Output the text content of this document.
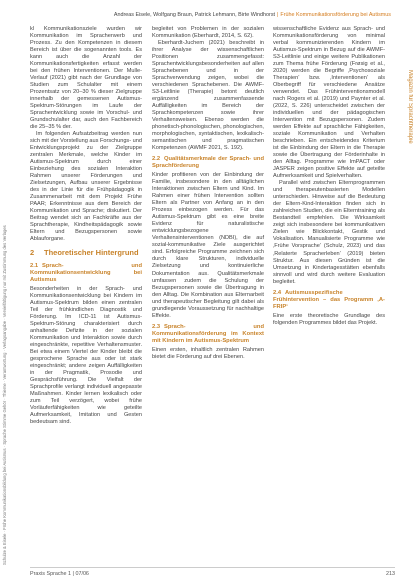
Schulze & Eisele · Frühe Kommunikationsbildung bei Autismus · Sprache Stimme Gehör · Thieme · Verantwortung · Verlagsangabe · Vervielfältigung nur mit Zustimmung des Verlages
Andreas Eisele, Wolfgang Braun, Patrick Lehmann, Birte Windhorst | Frühe Kommunikationsförderung bei Autismus
Magazin für Sprachtherapie

kl Kommunikationsziele wurden wir Kommunikation im Spracherwerb und Prozess. Zu den Kompetenzen in diesem Bereich ist über die sogenannten tools. Es kann auch die Anzahl der Kommunikationsfertigkeiten erfasst werden bei den frühen Interventionen. Der Mulle-Verlauf (2021) gibt nach der Grundlage von Studien zum Schulalter mit einem Prozentsatz von 20–30 % dieser Zielgruppe innerhalb der gemessenen Autismus-Spektrum-Störungen im Laufe der Sprachentwicklung sowie im Vorschul- und Grundschulalter dar, auch den Fachbereich die 25–35 % der.

Im folgenden Aufsatzbeitrag werden nun sich mit der Vorstellung aus Forschungs- und Entwicklungsprojekt zu der Zielgruppe zentralen Merkmale, welche Kinder im Autismus-Spektrum durch einer Einbeziehung des sozialen Interaktion Rahmen unserer Förderungen und Zielsetzungen, Aufbau unserer Ergebnisse des in der Linie für die Frühpädagogik in Zusammenarbeit mit dem Projekt Frühe PAAR; Erkenntnisse aus dem Bereich der Kommunikation und Sprache; diskutiert. Der Beitrag wendet sich an Fachkräfte aus der Sprachtherapie, Kindheitspädagogik sowie Eltern und Bezugspersonen sowie Ablauforgane.

2 Theoretischer Hintergrund
2.1 Sprach- und Kommunikationsentwicklung bei Autismus

Besonderheiten in der Sprach- und Kommunikationsentwicklung bei Kindern im Autismus-Spektrum bilden einen zentralen Teil der frühkindlichen Diagnostik und Förderung. Im ICD-11 ist Autismus-Spektrum-Störung charakterisiert durch anhaltende Defizite in der sozialen Kommunikation und Interaktion sowie durch eingeschränkte, repetitive Verhaltensmuster. Bei etwa einem Viertel der Kinder bleibt die gesprochene Sprache aus oder ist stark eingeschränkt; andere zeigen Auffälligkeiten in der Pragmatik, Prosodie und Gesprächsführung. Die Vielfalt der Sprachprofile verlangt individuell angepasste Maßnahmen. Kinder lernen lexikalisch oder zum Teil verzögert, wobei frühe Vorläuferfähigkeiten wie geteilte Aufmerksamkeit, Imitation und Gesten bedeutsam sind.

begleitet von Problemen in der sozialen Kommunikation (Eberhardt, 2014, S. 62).

Eberhardt-Juchem (2021) beschreibt in ihrer Analyse der wissenschaftlichen Positionen zusammengefasst: Sprachentwicklungsbesonderheiten auf allen Sprachebenen und in der Sprachverwendung zeigen, wobei die verschiedenen Sprachebenen. Die AWMF-S3-Leitlinie (Therapie) betont deutlich ergänzend zusammenfassende Auffälligkeiten im Bereich der Sprachkompetenzen sowie ihrer Verhaltensweisen. Ebenso werden die phonetisch-phonologischen, phonologischen, morphologischen, syntaktischen, lexikalisch-semantischen und pragmatischen Kompetenzen (AWMF 2021, S. 192).

2.2 Qualitätsmerkmale der Sprach- und Sprachförderung

Kinder profitieren von der Einbindung der Familie, insbesondere in den alltäglichen Interaktionen zwischen Eltern und Kind. Im Rahmen einer frühen Intervention sollten Eltern als Partner von Anfang an in den Prozess einbezogen werden. Für das Autismus-Spektrum gibt es eine breite Evidenz für naturalistische entwicklungsbezogene Verhaltensinterventionen (NDBI), die auf sozial-kommunikative Ziele ausgerichtet sind. Erfolgreiche Programme zeichnen sich durch klare Strukturen, individuelle Zielsetzung und kontinuierliche Dokumentation aus. Qualitätsmerkmale umfassen zudem die Schulung der Bezugspersonen sowie die Übertragung in den Alltag. Die Kombination aus Elternarbeit und therapeutischer Begleitung gilt dabei als grundlegende Voraussetzung für nachhaltige Effekte.

2.3 Sprach- und Kommunikationsförderung im Kontext mit Kindern im Autismus-Spektrum

Einen ersten, inhaltlich zentralen Rahmen bietet die Förderung auf drei Ebenen.

wissenschaftliche Evidenz aus Sprach- und Kommunikationsförderung von minimal verbal kommunizierenden Kindern im Autismus-Spektrum in Bezug auf die AWMF-S3-Leitlinie und einige weitere Publikationen zum Thema frühe Förderung (Frøsig et al., 2020) werden die Begriffe ‚Psychosoziale Therapien‘ bzw. ‚Interventionen‘ als Oberbegriff für verschiedene Ansätze verwendet. Das Frühinterventionsmodell nach Rogers et al. (2019) und Paynter et al. (2022, S. 226) unterscheidet zwischen der individuellen und der pädagogischen Intervention mit Bezugspersonen. Zudem werden Effekte auf sprachliche Fähigkeiten, soziale Kommunikation und Verhalten beschrieben. Ein entscheidendes Kriterium ist die Einbindung der Eltern in die Therapie sowie die Übertragung der Förderinhalte in den Alltag. Programme wie ImPACT oder JASPER zeigen positive Effekte auf geteilte Aufmerksamkeit und Spielverhalten.

Parallel wird zwischen Elternprogrammen und therapeutenbasierten Modellen unterschieden. Hinweise auf die Bedeutung der Eltern-Kind-Interaktion finden sich in zahlreichen Studien, die ein Elterntraining als Bestandteil empfehlen. Die Wirksamkeit zeigt sich insbesondere bei kommunikativen Zielen wie Blickkontakt, Gestik und Vokalisation. Manualisierte Programme wie ‚Frühe Vorsprache‘ (Schulz, 2023) und das ‚Relaterte Spracherleben‘ (2019) bieten Struktur. Aus diesen Gründen ist die Umsetzung in Kindertagesstätten ebenfalls sinnvoll und wird durch weitere Evaluation begleitet.

2.4 Autismusspezifische Frühintervention – das Programm ‚A-FRIP‘

Eine erste theoretische Grundlage des folgenden Programmes bildet das Projekt.

Praxis Sprache 1 | 07/06	213
